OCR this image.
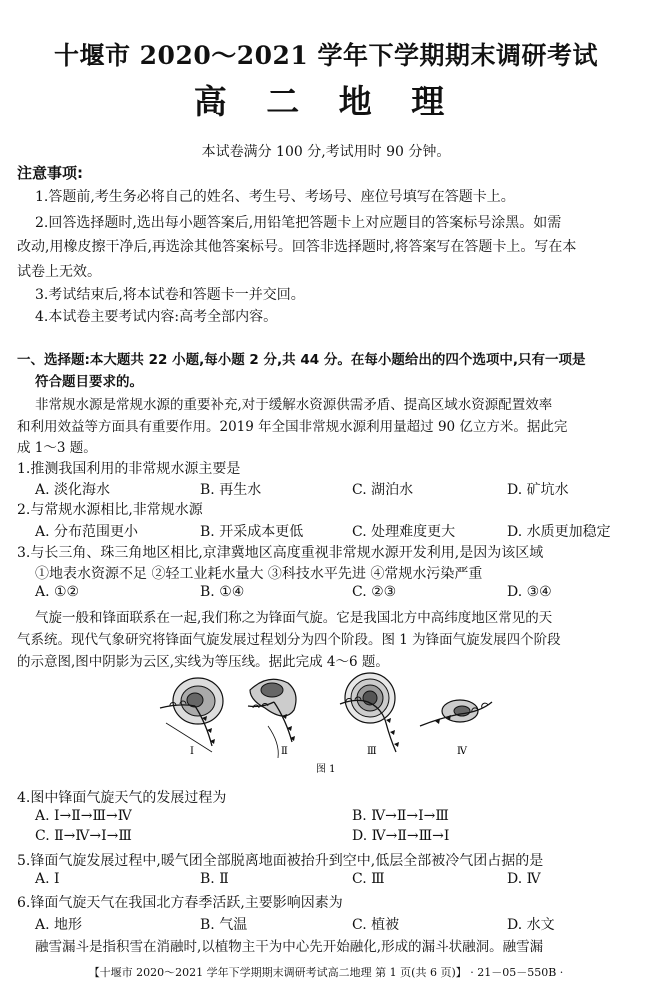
十堰市 2020～2021 学年下学期期末调研考试
高 二 地 理
本试卷满分 100 分,考试用时 90 分钟。
注意事项:
1.答题前,考生务必将自己的姓名、考生号、考场号、座位号填写在答题卡上。
2.回答选择题时,选出每小题答案后,用铅笔把答题卡上对应题目的答案标号涂黑。如需
改动,用橡皮擦干净后,再选涂其他答案标号。回答非选择题时,将答案写在答题卡上。写在本
试卷上无效。
3.考试结束后,将本试卷和答题卡一并交回。
4.本试卷主要考试内容:高考全部内容。
一、选择题:本大题共 22 小题,每小题 2 分,共 44 分。在每小题给出的四个选项中,只有一项是
符合题目要求的。
非常规水源是常规水源的重要补充,对于缓解水资源供需矛盾、提高区域水资源配置效率
和利用效益等方面具有重要作用。2019 年全国非常规水源利用量超过 90 亿立方米。据此完
成 1～3 题。
1.推测我国利用的非常规水源主要是
A. 淡化海水	B. 再生水	C. 湖泊水	D. 矿坑水
2.与常规水源相比,非常规水源
A. 分布范围更小	B. 开采成本更低	C. 处理难度更大	D. 水质更加稳定
3.与长三角、珠三角地区相比,京津冀地区高度重视非常规水源开发利用,是因为该区域
①地表水资源不足 ②轻工业耗水量大 ③科技水平先进 ④常规水污染严重
A. ①②	B. ①④	C. ②③	D. ③④
气旋一般和锋面联系在一起,我们称之为锋面气旋。它是我国北方中高纬度地区常见的天
气系统。现代气象研究将锋面气旋发展过程划分为四个阶段。图 1 为锋面气旋发展四个阶段
的示意图,图中阴影为云区,实线为等压线。据此完成 4～6 题。
Ⅰ	Ⅱ	Ⅲ	Ⅳ
图 1
4.图中锋面气旋天气的发展过程为
A. Ⅰ→Ⅱ→Ⅲ→Ⅳ	B. Ⅳ→Ⅱ→Ⅰ→Ⅲ
C. Ⅱ→Ⅳ→Ⅰ→Ⅲ	D. Ⅳ→Ⅱ→Ⅲ→Ⅰ
5.锋面气旋发展过程中,暖气团全部脱离地面被抬升到空中,低层全部被冷气团占据的是
A. Ⅰ	B. Ⅱ	C. Ⅲ	D. Ⅳ
6.锋面气旋天气在我国北方春季活跃,主要影响因素为
A. 地形	B. 气温	C. 植被	D. 水文
融雪漏斗是指积雪在消融时,以植物主干为中心先开始融化,形成的漏斗状融洞。融雪漏
【十堰市 2020～2021 学年下学期期末调研考试高二地理 第 1 页(共 6 页)】 · 21－05－550B ·
